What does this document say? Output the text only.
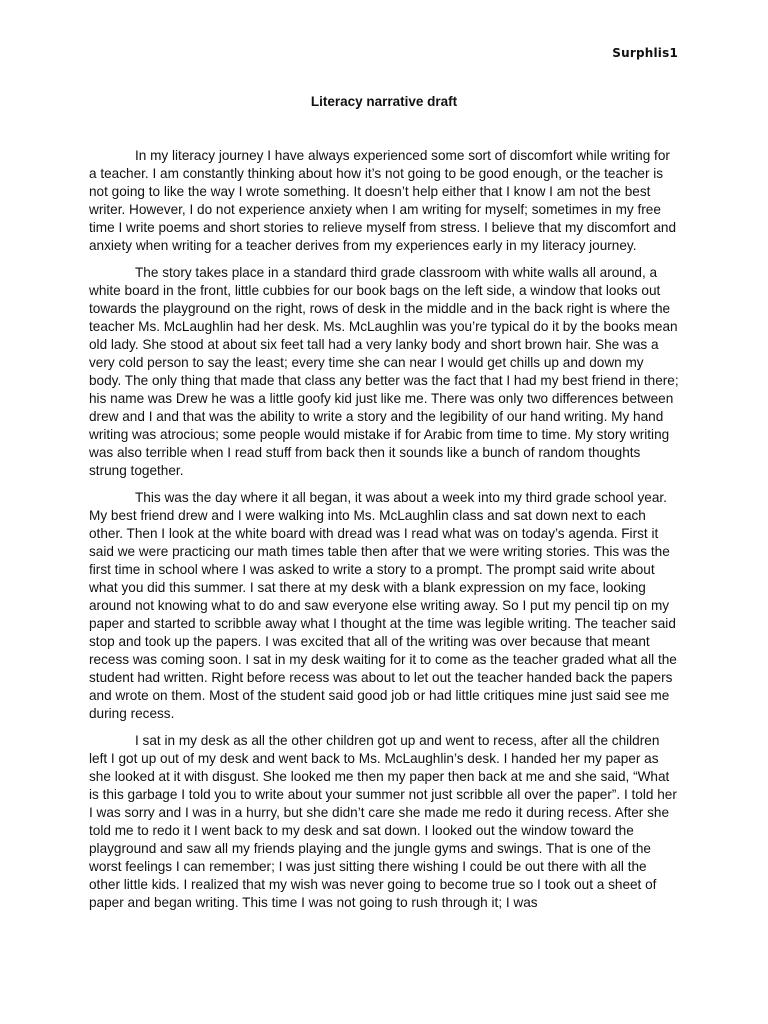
Surphlis1
Literacy narrative draft

In my literacy journey I have always experienced some sort of discomfort while writing for a teacher. I am constantly thinking about how it’s not going to be good enough, or the teacher is not going to like the way I wrote something. It doesn’t help either that I know I am not the best writer. However, I do not experience anxiety when I am writing for myself; sometimes in my free time I write poems and short stories to relieve myself from stress. I believe that my discomfort and anxiety when writing for a teacher derives from my experiences early in my literacy journey.

The story takes place in a standard third grade classroom with white walls all around, a white board in the front, little cubbies for our book bags on the left side, a window that looks out towards the playground on the right, rows of desk in the middle and in the back right is where the teacher Ms. McLaughlin had her desk. Ms. McLaughlin was you’re typical do it by the books mean old lady. She stood at about six feet tall had a very lanky body and short brown hair. She was a very cold person to say the least; every time she can near I would get chills up and down my body. The only thing that made that class any better was the fact that I had my best friend in there; his name was Drew he was a little goofy kid just like me. There was only two differences between drew and I and that was the ability to write a story and the legibility of our hand writing. My hand writing was atrocious; some people would mistake if for Arabic from time to time. My story writing was also terrible when I read stuff from back then it sounds like a bunch of random thoughts strung together.

This was the day where it all began, it was about a week into my third grade school year. My best friend drew and I were walking into Ms. McLaughlin class and sat down next to each other. Then I look at the white board with dread was I read what was on today’s agenda. First it said we were practicing our math times table then after that we were writing stories. This was the first time in school where I was asked to write a story to a prompt. The prompt said write about what you did this summer. I sat there at my desk with a blank expression on my face, looking around not knowing what to do and saw everyone else writing away. So I put my pencil tip on my paper and started to scribble away what I thought at the time was legible writing. The teacher said stop and took up the papers. I was excited that all of the writing was over because that meant recess was coming soon. I sat in my desk waiting for it to come as the teacher graded what all the student had written. Right before recess was about to let out the teacher handed back the papers and wrote on them. Most of the student said good job or had little critiques mine just said see me during recess.

I sat in my desk as all the other children got up and went to recess, after all the children left I got up out of my desk and went back to Ms. McLaughlin’s desk. I handed her my paper as she looked at it with disgust. She looked me then my paper then back at me and she said, “What is this garbage I told you to write about your summer not just scribble all over the paper”. I told her I was sorry and I was in a hurry, but she didn’t care she made me redo it during recess. After she told me to redo it I went back to my desk and sat down. I looked out the window toward the playground and saw all my friends playing and the jungle gyms and swings. That is one of the worst feelings I can remember; I was just sitting there wishing I could be out there with all the other little kids. I realized that my wish was never going to become true so I took out a sheet of paper and began writing. This time I was not going to rush through it; I was
